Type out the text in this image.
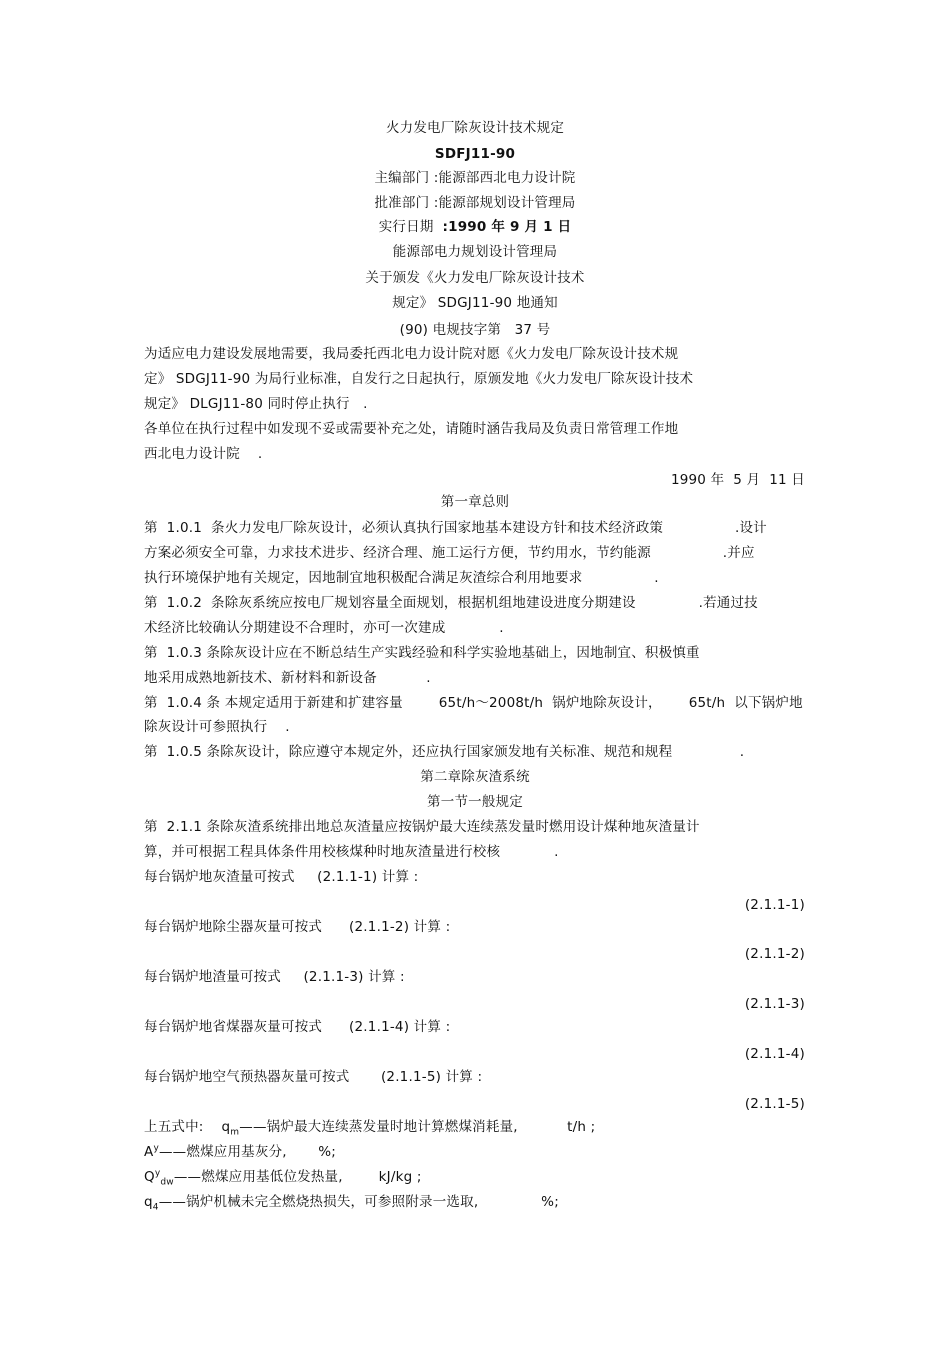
火力发电厂除灰设计技术规定
SDFJ11-90
主编部门 :能源部西北电力设计院
批准部门 :能源部规划设计管理局
实行日期 :1990 年 9 月 1 日
能源部电力规划设计管理局
关于颁发《火力发电厂除灰设计技术
规定》 SDGJ11-90 地通知
(90) 电规技字第   37 号
为适应电力建设发展地需要，我局委托西北电力设计院对愿《火力发电厂除灰设计技术规
定》 SDGJ11-90 为局行业标准，自发行之日起执行，原颁发地《火力发电厂除灰设计技术
规定》 DLGJ11-80 同时停止执行   .
各单位在执行过程中如发现不妥或需要补充之处，请随时涵告我局及负责日常管理工作地
西北电力设计院    .
1990 年  5 月  11 日
第一章总则
第  1.0.1  条火力发电厂除灰设计，必须认真执行国家地基本建设方针和技术经济政策                .设计
方案必须安全可靠，力求技术进步、经济合理、施工运行方便，节约用水，节约能源                .并应
执行环境保护地有关规定，因地制宜地积极配合满足灰渣综合利用地要求                .
第  1.0.2  条除灰系统应按电厂规划容量全面规划，根据机组地建设进度分期建设              .若通过技
术经济比较确认分期建设不合理时，亦可一次建成            .
第  1.0.3 条除灰设计应在不断总结生产实践经验和科学实验地基础上，因地制宜、积极慎重
地采用成熟地新技术、新材料和新设备           .
第  1.0.4 条 本规定适用于新建和扩建容量        65t/h～2008t/h  锅炉地除灰设计，      65t/h  以下锅炉地
除灰设计可参照执行    .
第  1.0.5 条除灰设计，除应遵守本规定外，还应执行国家颁发地有关标准、规范和规程               .
第二章除灰渣系统
第一节一般规定
第  2.1.1 条除灰渣系统排出地总灰渣量应按锅炉最大连续蒸发量时燃用设计煤种地灰渣量计
算，并可根据工程具体条件用校核煤种时地灰渣量进行校核            .
每台锅炉地灰渣量可按式     (2.1.1-1) 计算 :
(2.1.1-1)
每台锅炉地除尘器灰量可按式      (2.1.1-2) 计算 :
(2.1.1-2)
每台锅炉地渣量可按式     (2.1.1-3) 计算 :
(2.1.1-3)
每台锅炉地省煤器灰量可按式      (2.1.1-4) 计算 :
(2.1.1-4)
每台锅炉地空气预热器灰量可按式       (2.1.1-5) 计算 :
(2.1.1-5)
上五式中:    $q_m——$锅炉最大连续蒸发量时地计算燃煤消耗量,           t/h ;
$A^y——$燃煤应用基灰分,       %;
$Q^y_{dw}——$燃煤应用基低位发热量,        kJ/kg ;
$q_4——$锅炉机械未完全燃烧热损失，可参照附录一选取,              %;
